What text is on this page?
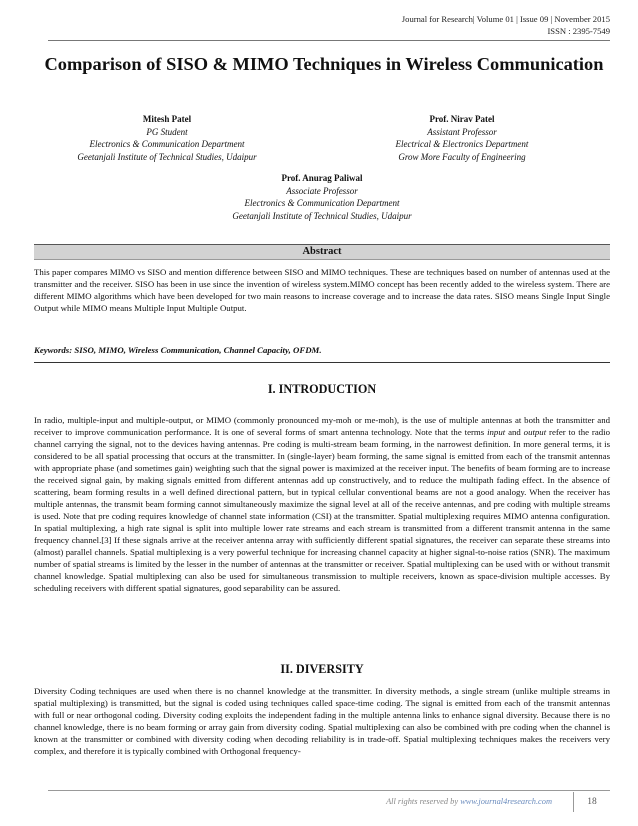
Journal for Research| Volume 01 | Issue 09 | November 2015
ISSN : 2395-7549
Comparison of SISO & MIMO Techniques in Wireless Communication
Mitesh Patel
PG Student
Electronics & Communication Department
Geetanjali Institute of Technical Studies, Udaipur
Prof. Nirav Patel
Assistant Professor
Electrical & Electronics Department
Grow More Faculty of Engineering
Prof. Anurag Paliwal
Associate Professor
Electronics & Communication Department
Geetanjali Institute of Technical Studies, Udaipur
Abstract
This paper compares MIMO vs SISO and mention difference between SISO and MIMO techniques. These are techniques based on number of antennas used at the transmitter and the receiver. SISO has been in use since the invention of wireless system.MIMO concept has been recently added to the wireless system. There are different MIMO algorithms which have been developed for two main reasons to increase coverage and to increase the data rates. SISO means Single Input Single Output while MIMO means Multiple Input Multiple Output.
Keywords: SISO, MIMO, Wireless Communication, Channel Capacity, OFDM.
I. INTRODUCTION
In radio, multiple-input and multiple-output, or MIMO (commonly pronounced my-moh or me-moh), is the use of multiple antennas at both the transmitter and receiver to improve communication performance. It is one of several forms of smart antenna technology. Note that the terms input and output refer to the radio channel carrying the signal, not to the devices having antennas. Pre coding is multi-stream beam forming, in the narrowest definition. In more general terms, it is considered to be all spatial processing that occurs at the transmitter. In (single-layer) beam forming, the same signal is emitted from each of the transmit antennas with appropriate phase (and sometimes gain) weighting such that the signal power is maximized at the receiver input. The benefits of beam forming are to increase the received signal gain, by making signals emitted from different antennas add up constructively, and to reduce the multipath fading effect. In the absence of scattering, beam forming results in a well defined directional pattern, but in typical cellular conventional beams are not a good analogy. When the receiver has multiple antennas, the transmit beam forming cannot simultaneously maximize the signal level at all of the receive antennas, and pre coding with multiple streams is used. Note that pre coding requires knowledge of channel state information (CSI) at the transmitter. Spatial multiplexing requires MIMO antenna configuration. In spatial multiplexing, a high rate signal is split into multiple lower rate streams and each stream is transmitted from a different transmit antenna in the same frequency channel.[3] If these signals arrive at the receiver antenna array with sufficiently different spatial signatures, the receiver can separate these streams into (almost) parallel channels. Spatial multiplexing is a very powerful technique for increasing channel capacity at higher signal-to-noise ratios (SNR). The maximum number of spatial streams is limited by the lesser in the number of antennas at the transmitter or receiver. Spatial multiplexing can be used with or without transmit channel knowledge. Spatial multiplexing can also be used for simultaneous transmission to multiple receivers, known as space-division multiple accesses. By scheduling receivers with different spatial signatures, good separability can be assured.
II. DIVERSITY
Diversity Coding techniques are used when there is no channel knowledge at the transmitter. In diversity methods, a single stream (unlike multiple streams in spatial multiplexing) is transmitted, but the signal is coded using techniques called space-time coding. The signal is emitted from each of the transmit antennas with full or near orthogonal coding. Diversity coding exploits the independent fading in the multiple antenna links to enhance signal diversity. Because there is no channel knowledge, there is no beam forming or array gain from diversity coding. Spatial multiplexing can also be combined with pre coding when the channel is known at the transmitter or combined with diversity coding when decoding reliability is in trade-off. Spatial multiplexing techniques makes the receivers very complex, and therefore it is typically combined with Orthogonal frequency-
All rights reserved by www.journal4research.com	18
